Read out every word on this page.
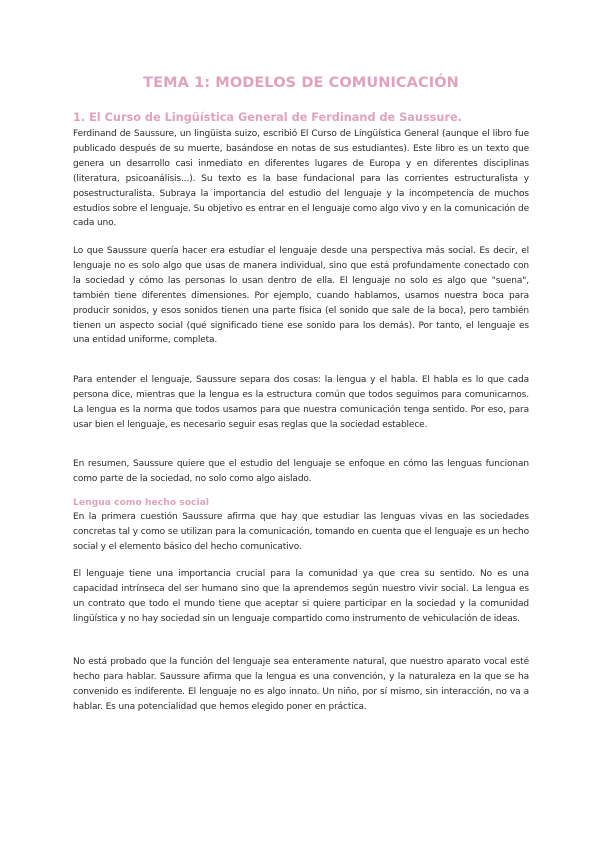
TEMA 1: MODELOS DE COMUNICACIÓN
1. El Curso de Lingüística General de Ferdinand de Saussure.

Ferdinand de Saussure, un lingüista suizo, escribió El Curso de Lingüística General (aunque el libro fue publicado después de su muerte, basándose en notas de sus estudiantes). Este libro es un texto que genera un desarrollo casi inmediato en diferentes lugares de Europa y en diferentes disciplinas (literatura, psicoanálisis...). Su texto es la base fundacional para las corrientes estructuralista y posestructuralista. Subraya la importancia del estudio del lenguaje y la incompetencia de muchos estudios sobre el lenguaje. Su objetivo es entrar en el lenguaje como algo vivo y en la comunicación de cada uno.

Lo que Saussure quería hacer era estudiar el lenguaje desde una perspectiva más social. Es decir, el lenguaje no es solo algo que usas de manera individual, sino que está profundamente conectado con la sociedad y cómo las personas lo usan dentro de ella. El lenguaje no solo es algo que "suena", también tiene diferentes dimensiones. Por ejemplo, cuando hablamos, usamos nuestra boca para producir sonidos, y esos sonidos tienen una parte física (el sonido que sale de la boca), pero también tienen un aspecto social (qué significado tiene ese sonido para los demás). Por tanto, el lenguaje es una entidad uniforme, completa.

Para entender el lenguaje, Saussure separa dos cosas: la lengua y el habla. El habla es lo que cada persona dice, mientras que la lengua es la estructura común que todos seguimos para comunicarnos. La lengua es la norma que todos usamos para que nuestra comunicación tenga sentido. Por eso, para usar bien el lenguaje, es necesario seguir esas reglas que la sociedad establece.

En resumen, Saussure quiere que el estudio del lenguaje se enfoque en cómo las lenguas funcionan como parte de la sociedad, no solo como algo aislado.

Lengua como hecho social

En la primera cuestión Saussure afirma que hay que estudiar las lenguas vivas en las sociedades concretas tal y como se utilizan para la comunicación, tomando en cuenta que el lenguaje es un hecho social y el elemento básico del hecho comunicativo.

El lenguaje tiene una importancia crucial para la comunidad ya que crea su sentido. No es una capacidad intrínseca del ser humano sino que la aprendemos según nuestro vivir social. La lengua es un contrato que todo el mundo tiene que aceptar si quiere participar en la sociedad y la comunidad lingüística y no hay sociedad sin un lenguaje compartido como instrumento de vehiculación de ideas.

No está probado que la función del lenguaje sea enteramente natural, que nuestro aparato vocal esté hecho para hablar. Saussure afirma que la lengua es una convención, y la naturaleza en la que se ha convenido es indiferente. El lenguaje no es algo innato. Un niño, por sí mismo, sin interacción, no va a hablar. Es una potencialidad que hemos elegido poner en práctica.
